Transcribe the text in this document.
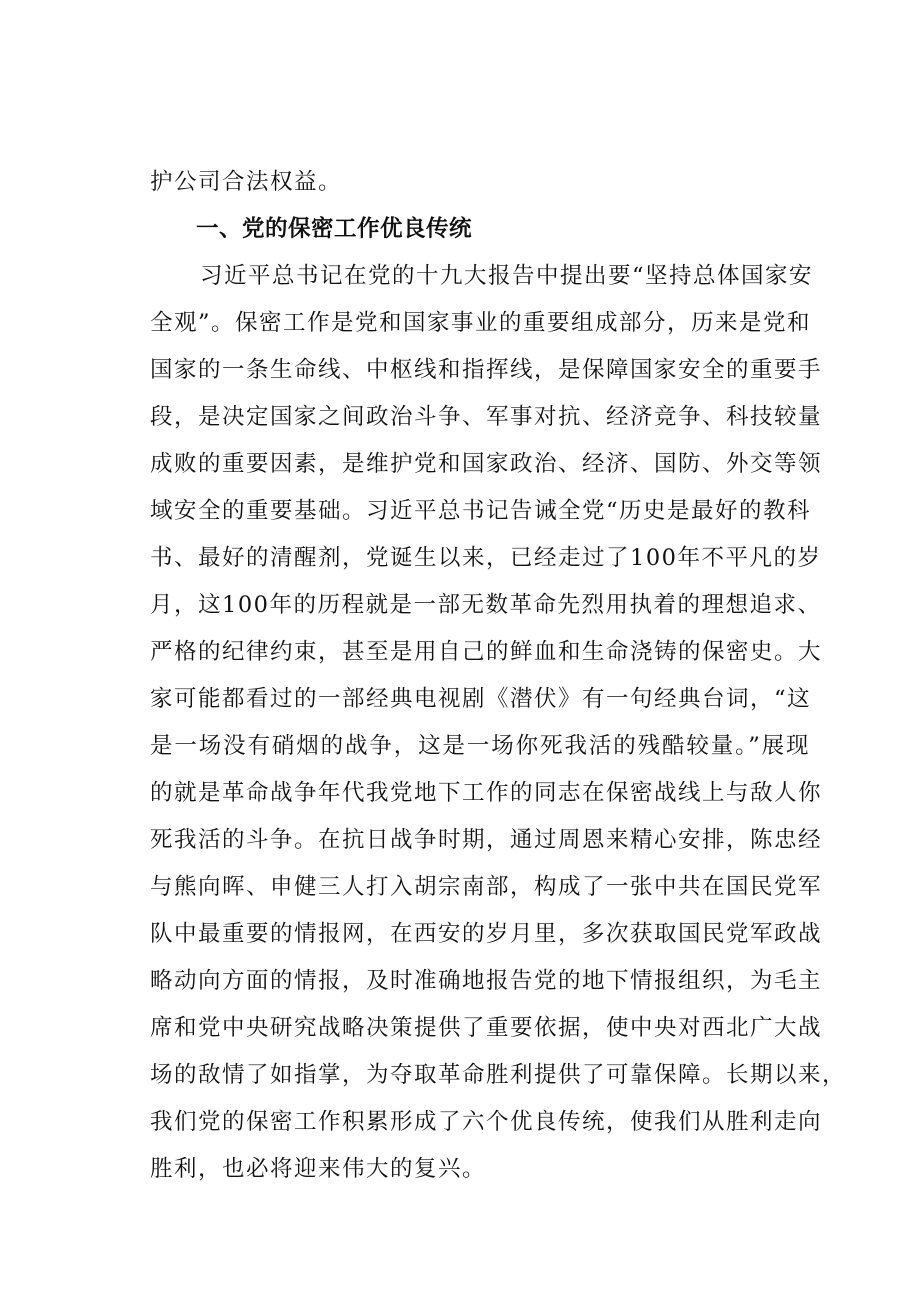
护公司合法权益。
一、党的保密工作优良传统
习近平总书记在党的十九大报告中提出要“坚持总体国家安
全观”。保密工作是党和国家事业的重要组成部分，历来是党和
国家的一条生命线、中枢线和指挥线，是保障国家安全的重要手
段，是决定国家之间政治斗争、军事对抗、经济竞争、科技较量
成败的重要因素，是维护党和国家政治、经济、国防、外交等领
域安全的重要基础。习近平总书记告诫全党“历史是最好的教科
书、最好的清醒剂，党诞生以来，已经走过了100年不平凡的岁
月，这100年的历程就是一部无数革命先烈用执着的理想追求、
严格的纪律约束，甚至是用自己的鲜血和生命浇铸的保密史。大
家可能都看过的一部经典电视剧《潜伏》有一句经典台词，“这
是一场没有硝烟的战争，这是一场你死我活的残酷较量。”展现
的就是革命战争年代我党地下工作的同志在保密战线上与敌人你
死我活的斗争。在抗日战争时期，通过周恩来精心安排，陈忠经
与熊向晖、申健三人打入胡宗南部，构成了一张中共在国民党军
队中最重要的情报网，在西安的岁月里，多次获取国民党军政战
略动向方面的情报，及时准确地报告党的地下情报组织，为毛主
席和党中央研究战略决策提供了重要依据，使中央对西北广大战
场的敌情了如指掌，为夺取革命胜利提供了可靠保障。长期以来，
我们党的保密工作积累形成了六个优良传统，使我们从胜利走向
胜利，也必将迎来伟大的复兴。
